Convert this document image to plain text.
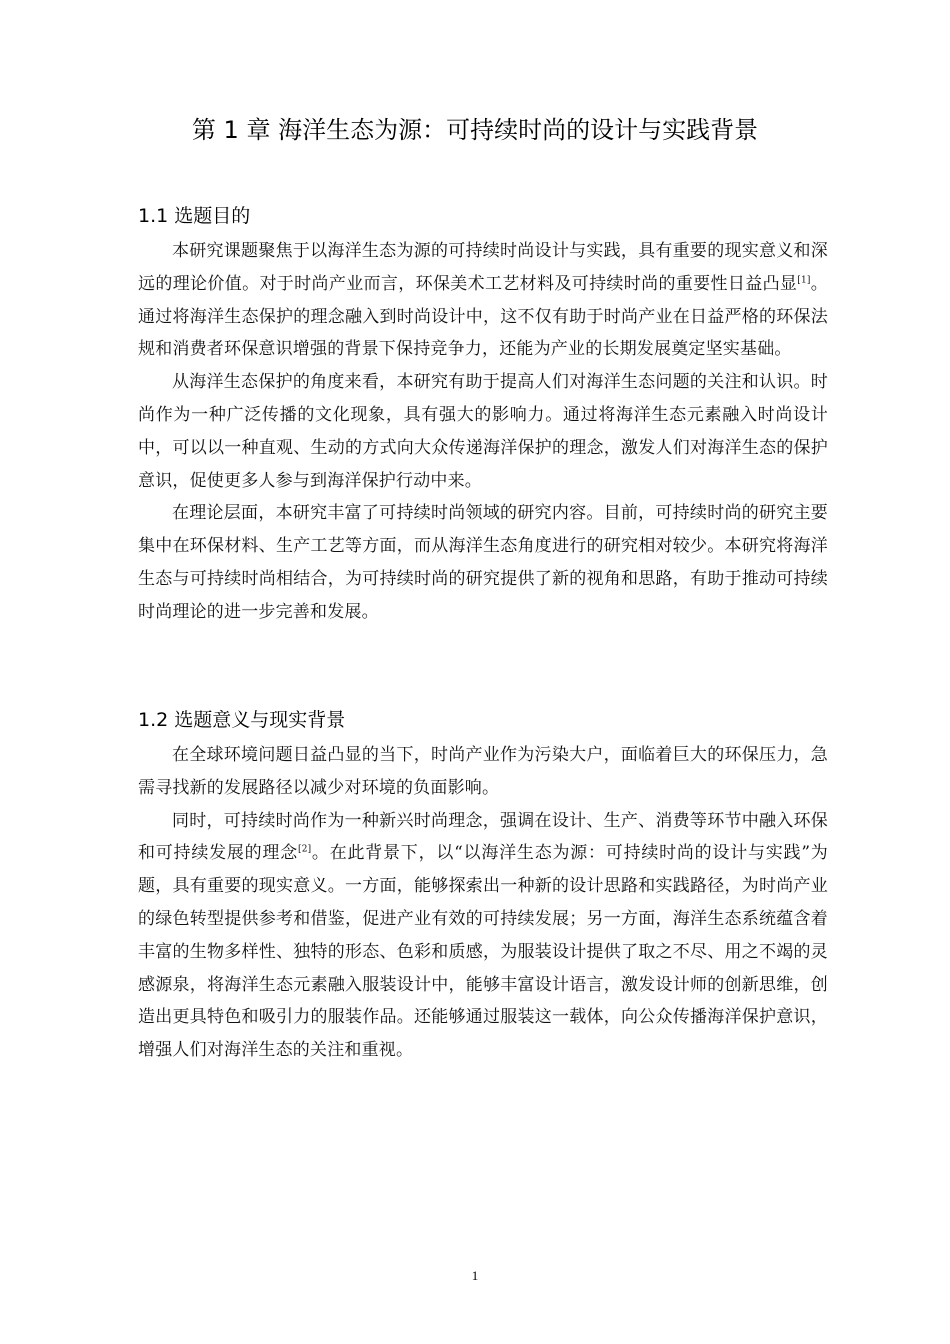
第 1 章 海洋生态为源：可持续时尚的设计与实践背景
1.1 选题目的

本研究课题聚焦于以海洋生态为源的可持续时尚设计与实践，具有重要的现实意义和深远的理论价值。对于时尚产业而言，环保美术工艺材料及可持续时尚的重要性日益凸显[1]。通过将海洋生态保护的理念融入到时尚设计中，这不仅有助于时尚产业在日益严格的环保法规和消费者环保意识增强的背景下保持竞争力，还能为产业的长期发展奠定坚实基础。

从海洋生态保护的角度来看，本研究有助于提高人们对海洋生态问题的关注和认识。时尚作为一种广泛传播的文化现象，具有强大的影响力。通过将海洋生态元素融入时尚设计中，可以以一种直观、生动的方式向大众传递海洋保护的理念，激发人们对海洋生态的保护意识，促使更多人参与到海洋保护行动中来。

在理论层面，本研究丰富了可持续时尚领域的研究内容。目前，可持续时尚的研究主要集中在环保材料、生产工艺等方面，而从海洋生态角度进行的研究相对较少。本研究将海洋生态与可持续时尚相结合，为可持续时尚的研究提供了新的视角和思路，有助于推动可持续时尚理论的进一步完善和发展。

1.2 选题意义与现实背景

在全球环境问题日益凸显的当下，时尚产业作为污染大户，面临着巨大的环保压力，急需寻找新的发展路径以减少对环境的负面影响。

同时，可持续时尚作为一种新兴时尚理念，强调在设计、生产、消费等环节中融入环保和可持续发展的理念[2]。在此背景下，以“以海洋生态为源：可持续时尚的设计与实践”为题，具有重要的现实意义。一方面，能够探索出一种新的设计思路和实践路径，为时尚产业的绿色转型提供参考和借鉴，促进产业有效的可持续发展；另一方面，海洋生态系统蕴含着丰富的生物多样性、独特的形态、色彩和质感，为服装设计提供了取之不尽、用之不竭的灵感源泉，将海洋生态元素融入服装设计中，能够丰富设计语言，激发设计师的创新思维，创造出更具特色和吸引力的服装作品。还能够通过服装这一载体，向公众传播海洋保护意识，增强人们对海洋生态的关注和重视。

1
